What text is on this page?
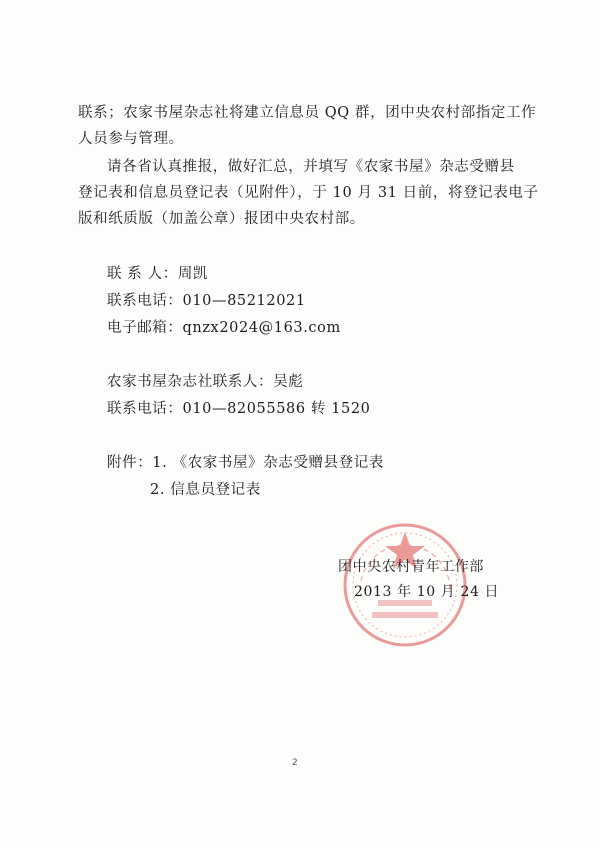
联系；农家书屋杂志社将建立信息员 QQ 群，团中央农村部指定工作
人员参与管理。
请各省认真推报，做好汇总，并填写《农家书屋》杂志受赠县
登记表和信息员登记表（见附件），于 10 月 31 日前，将登记表电子
版和纸质版（加盖公章）报团中央农村部。
联 系 人：周凯
联系电话：010—85212021
电子邮箱：qnzx2024@163.com
农家书屋杂志社联系人：吴彪
联系电话：010—82055586 转 1520
附件：1. 《农家书屋》杂志受赠县登记表
2. 信息员登记表
团中央农村青年工作部
2013 年 10 月 24 日
2
